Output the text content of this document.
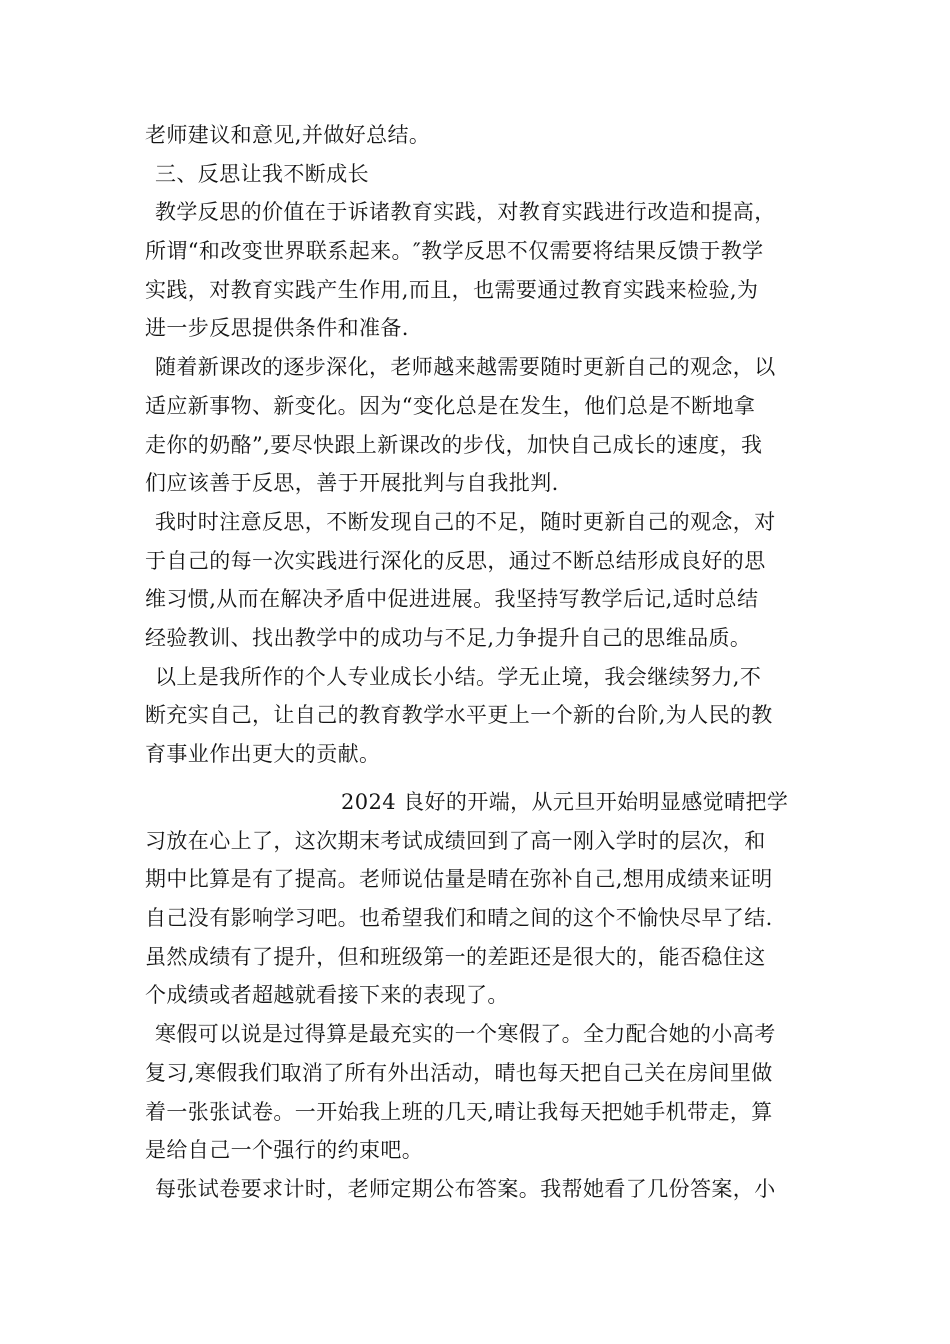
老师建议和意见,并做好总结。
三、反思让我不断成长
教学反思的价值在于诉诸教育实践，对教育实践进行改造和提高，
所谓“和改变世界联系起来。″教学反思不仅需要将结果反馈于教学
实践，对教育实践产生作用,而且，也需要通过教育实践来检验,为
进一步反思提供条件和准备.
随着新课改的逐步深化，老师越来越需要随时更新自己的观念，以
适应新事物、新变化。因为“变化总是在发生，他们总是不断地拿
走你的奶酪”,要尽快跟上新课改的步伐，加快自己成长的速度，我
们应该善于反思，善于开展批判与自我批判.
我时时注意反思，不断发现自己的不足，随时更新自己的观念，对
于自己的每一次实践进行深化的反思，通过不断总结形成良好的思
维习惯,从而在解决矛盾中促进进展。我坚持写教学后记,适时总结
经验教训、找出教学中的成功与不足,力争提升自己的思维品质。
以上是我所作的个人专业成长小结。学无止境，我会继续努力,不
断充实自己，让自己的教育教学水平更上一个新的台阶,为人民的教
育事业作出更大的贡献。
2024 良好的开端，从元旦开始明显感觉晴把学
习放在心上了，这次期末考试成绩回到了高一刚入学时的层次，和
期中比算是有了提高。老师说估量是晴在弥补自己,想用成绩来证明
自己没有影响学习吧。也希望我们和晴之间的这个不愉快尽早了结.
虽然成绩有了提升，但和班级第一的差距还是很大的，能否稳住这
个成绩或者超越就看接下来的表现了。
寒假可以说是过得算是最充实的一个寒假了。全力配合她的小高考
复习,寒假我们取消了所有外出活动，晴也每天把自己关在房间里做
着一张张试卷。一开始我上班的几天,晴让我每天把她手机带走，算
是给自己一个强行的约束吧。
每张试卷要求计时，老师定期公布答案。我帮她看了几份答案，小
